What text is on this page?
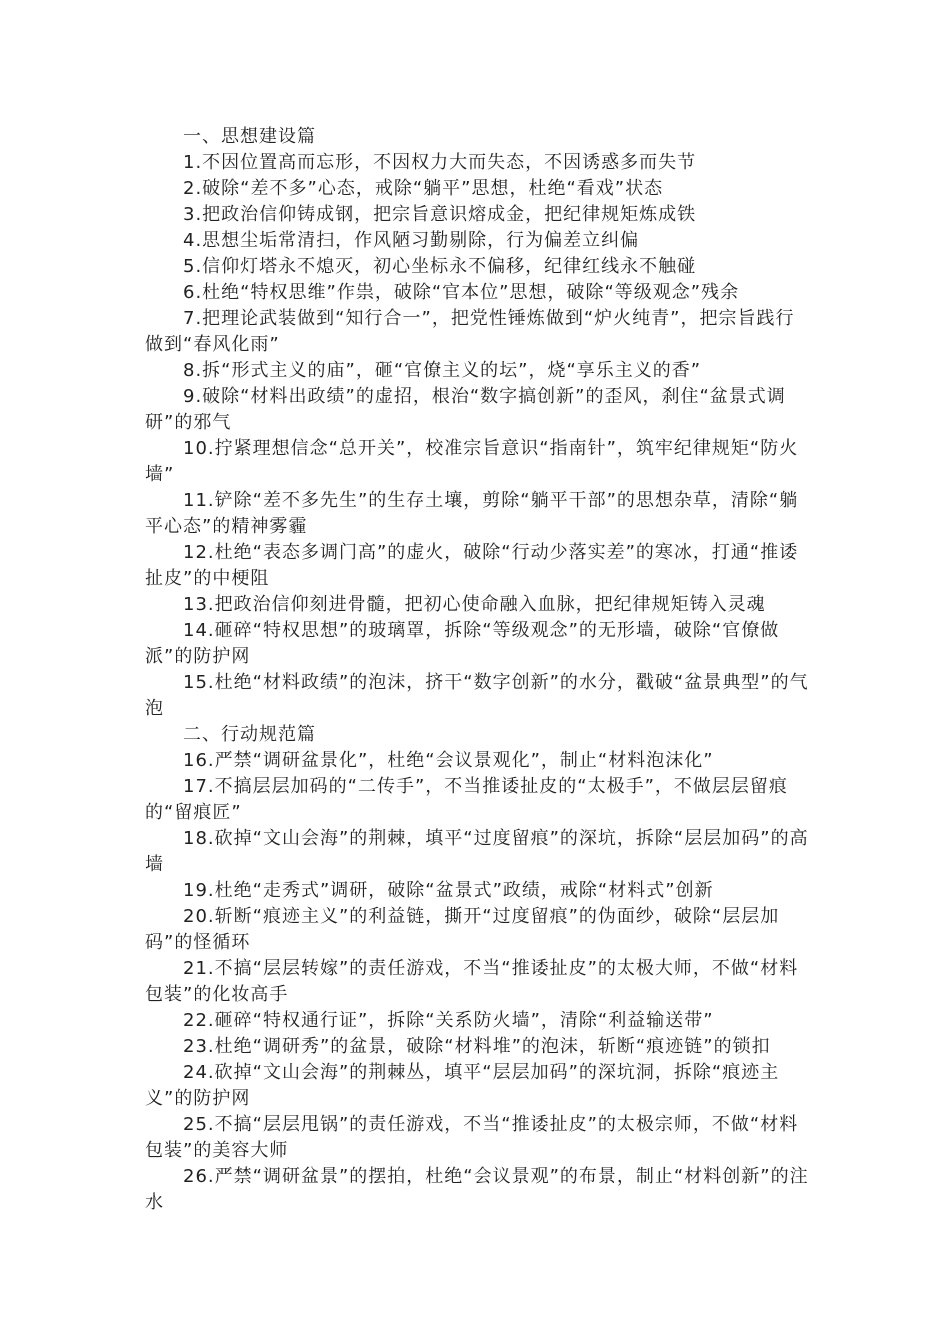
一、思想建设篇

1.不因位置高而忘形，不因权力大而失态，不因诱惑多而失节

2.破除“差不多”心态，戒除“躺平”思想，杜绝“看戏”状态

3.把政治信仰铸成钢，把宗旨意识熔成金，把纪律规矩炼成铁

4.思想尘垢常清扫，作风陋习勤剔除，行为偏差立纠偏

5.信仰灯塔永不熄灭，初心坐标永不偏移，纪律红线永不触碰

6.杜绝“特权思维”作祟，破除“官本位”思想，破除“等级观念”残余

7.把理论武装做到“知行合一”，把党性锤炼做到“炉火纯青”，把宗旨践行做到“春风化雨”

8.拆“形式主义的庙”，砸“官僚主义的坛”，烧“享乐主义的香”

9.破除“材料出政绩”的虚招，根治“数字搞创新”的歪风，刹住“盆景式调研”的邪气

10.拧紧理想信念“总开关”，校准宗旨意识“指南针”，筑牢纪律规矩“防火墙”

11.铲除“差不多先生”的生存土壤，剪除“躺平干部”的思想杂草，清除“躺平心态”的精神雾霾

12.杜绝“表态多调门高”的虚火，破除“行动少落实差”的寒冰，打通“推诿扯皮”的中梗阻

13.把政治信仰刻进骨髓，把初心使命融入血脉，把纪律规矩铸入灵魂

14.砸碎“特权思想”的玻璃罩，拆除“等级观念”的无形墙，破除“官僚做派”的防护网

15.杜绝“材料政绩”的泡沫，挤干“数字创新”的水分，戳破“盆景典型”的气泡

二、行动规范篇

16.严禁“调研盆景化”，杜绝“会议景观化”，制止“材料泡沫化”

17.不搞层层加码的“二传手”，不当推诿扯皮的“太极手”，不做层层留痕的“留痕匠”

18.砍掉“文山会海”的荆棘，填平“过度留痕”的深坑，拆除“层层加码”的高墙

19.杜绝“走秀式”调研，破除“盆景式”政绩，戒除“材料式”创新

20.斩断“痕迹主义”的利益链，撕开“过度留痕”的伪面纱，破除“层层加码”的怪循环

21.不搞“层层转嫁”的责任游戏，不当“推诿扯皮”的太极大师，不做“材料包装”的化妆高手

22.砸碎“特权通行证”，拆除“关系防火墙”，清除“利益输送带”

23.杜绝“调研秀”的盆景，破除“材料堆”的泡沫，斩断“痕迹链”的锁扣

24.砍掉“文山会海”的荆棘丛，填平“层层加码”的深坑洞，拆除“痕迹主义”的防护网

25.不搞“层层甩锅”的责任游戏，不当“推诿扯皮”的太极宗师，不做“材料包装”的美容大师

26.严禁“调研盆景”的摆拍，杜绝“会议景观”的布景，制止“材料创新”的注水
